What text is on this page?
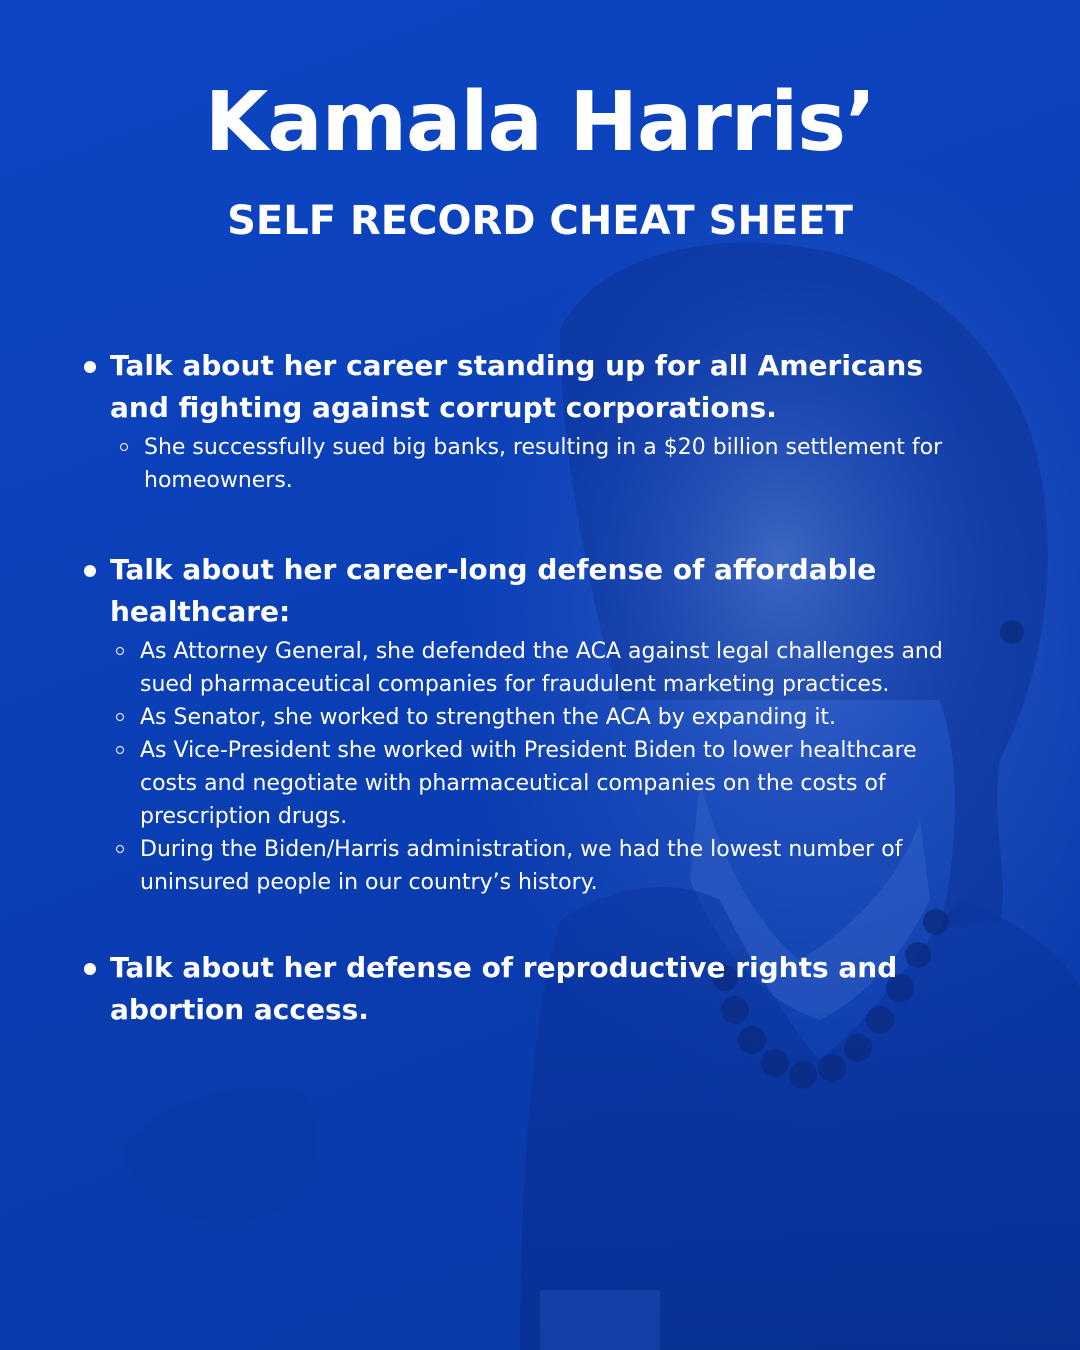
Kamala Harris’
SELF RECORD CHEAT SHEET
Talk about her career standing up for all Americans and fighting against corrupt corporations.
She successfully sued big banks, resulting in a $20 billion settlement for homeowners.
Talk about her career-long defense of affordable healthcare:
As Attorney General, she defended the ACA against legal challenges and sued pharmaceutical companies for fraudulent marketing practices.
As Senator, she worked to strengthen the ACA by expanding it.
As Vice-President she worked with President Biden to lower healthcare costs and negotiate with pharmaceutical companies on the costs of prescription drugs.
During the Biden/Harris administration, we had the lowest number of uninsured people in our country’s history.
Talk about her defense of reproductive rights and abortion access.
